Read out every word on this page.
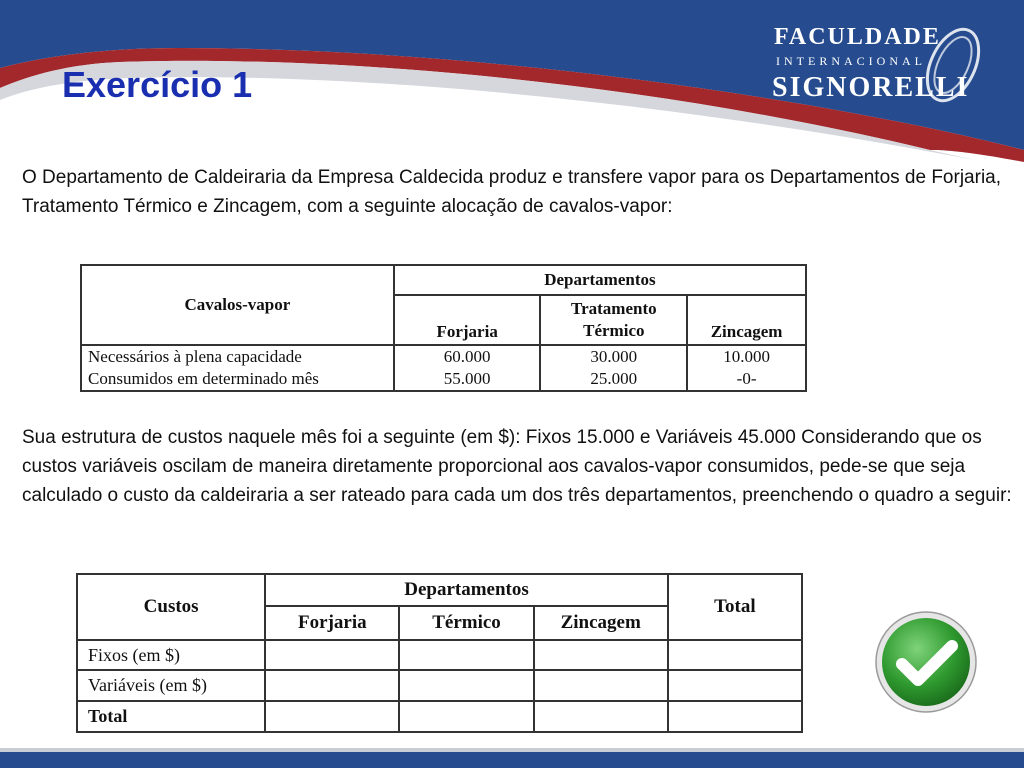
Exercício 1
FACULDADE
INTERNACIONAL
SIGNORELLI

O Departamento de Caldeiraria da Empresa Caldecida produz e transfere vapor para os Departamentos de Forjaria, Tratamento Térmico e Zincagem, com a seguinte alocação de cavalos-vapor:

Cavalos-vapor	Departamentos		
	Forjaria	Tratamento Térmico	Zincagem
Necessários à plena capacidade	60.000	30.000	10.000
Consumidos em determinado mês	55.000	25.000	-0-

Sua estrutura de custos naquele mês foi a seguinte (em $): Fixos 15.000 e Variáveis 45.000 Considerando que os custos variáveis oscilam de maneira diretamente proporcional aos cavalos-vapor consumidos, pede-se que seja calculado o custo da caldeiraria a ser rateado para cada um dos três departamentos, preenchendo o quadro a seguir:

Custos	Departamentos			Total
	Forjaria	Térmico	Zincagem	
Fixos (em $)				
Variáveis (em $)				
Total				
